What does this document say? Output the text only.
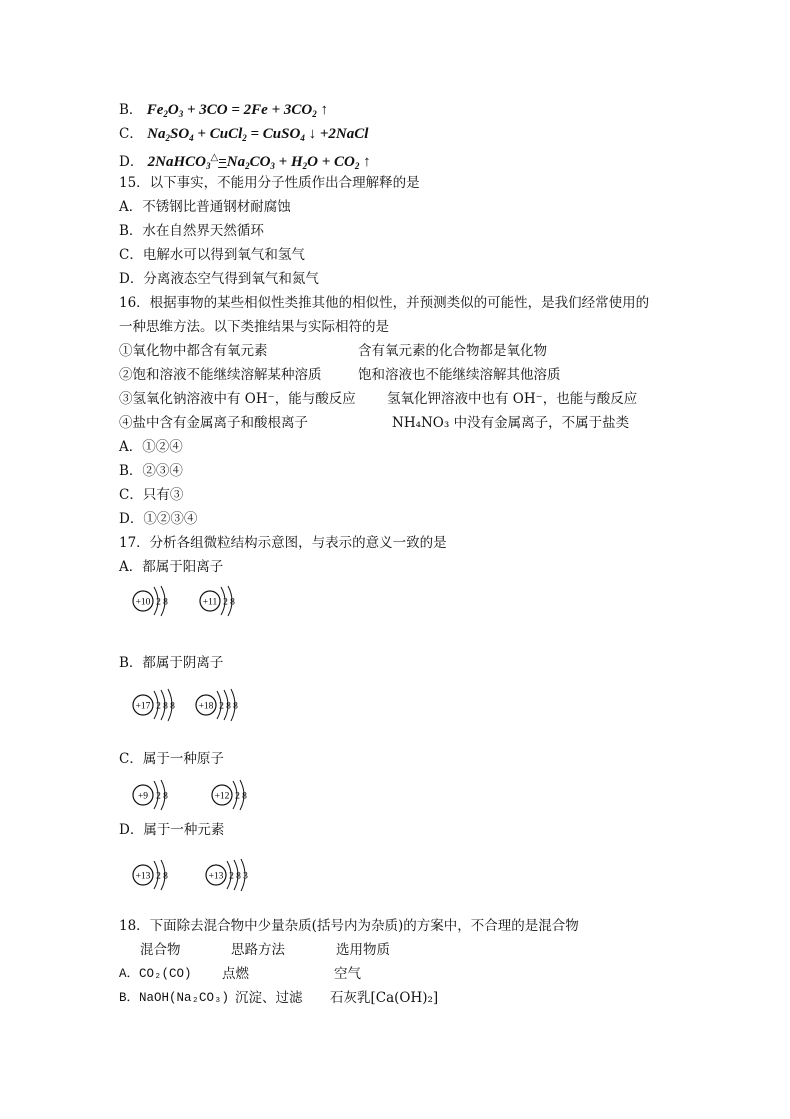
B． $Fe_2O_3 + 3CO = 2Fe + 3CO_2$ ↑
C． $Na_2SO_4$ + CuCl$_2$ = CuSO$_4$ ↓ +2NaCl
D． $2NaHCO_3^\triangle=Na_2CO_3 + H_2O + CO_2$ ↑
15．以下事实，不能用分子性质作出合理解释的是
A．不锈钢比普通钢材耐腐蚀
B．水在自然界天然循环
C．电解水可以得到氧气和氢气
D．分离液态空气得到氧气和氮气
16．根据事物的某些相似性类推其他的相似性，并预测类似的可能性，是我们经常使用的
一种思维方法。以下类推结果与实际相符的是
①氧化物中都含有氧元素	含有氧元素的化合物都是氧化物
②饱和溶液不能继续溶解某种溶质	饱和溶液也不能继续溶解其他溶质
③氢氧化钠溶液中有 OH⁻，能与酸反应 氢氧化钾溶液中也有 OH⁻，也能与酸反应
④盐中含有金属离子和酸根离子	NH₄NO₃ 中没有金属离子，不属于盐类
A．①②④
B．②③④
C．只有③
D．①②③④
17．分析各组微粒结构示意图，与表示的意义一致的是
A．都属于阳离子
+10 2 8	+11 2 8
B．都属于阴离子
+17 2 8 8 +18 2 8 8
C．属于一种原子
+9 2 8	+12 2 8
D．属于一种元素
+13 2 8	+13 2 8 3
18．下面除去混合物中少量杂质(括号内为杂质)的方案中，不合理的是混合物
混合物	思路方法	选用物质
A．CO₂(CO) 点燃	空气
B．NaOH(Na₂CO₃) 沉淀、过滤 石灰乳[Ca(OH)₂]
